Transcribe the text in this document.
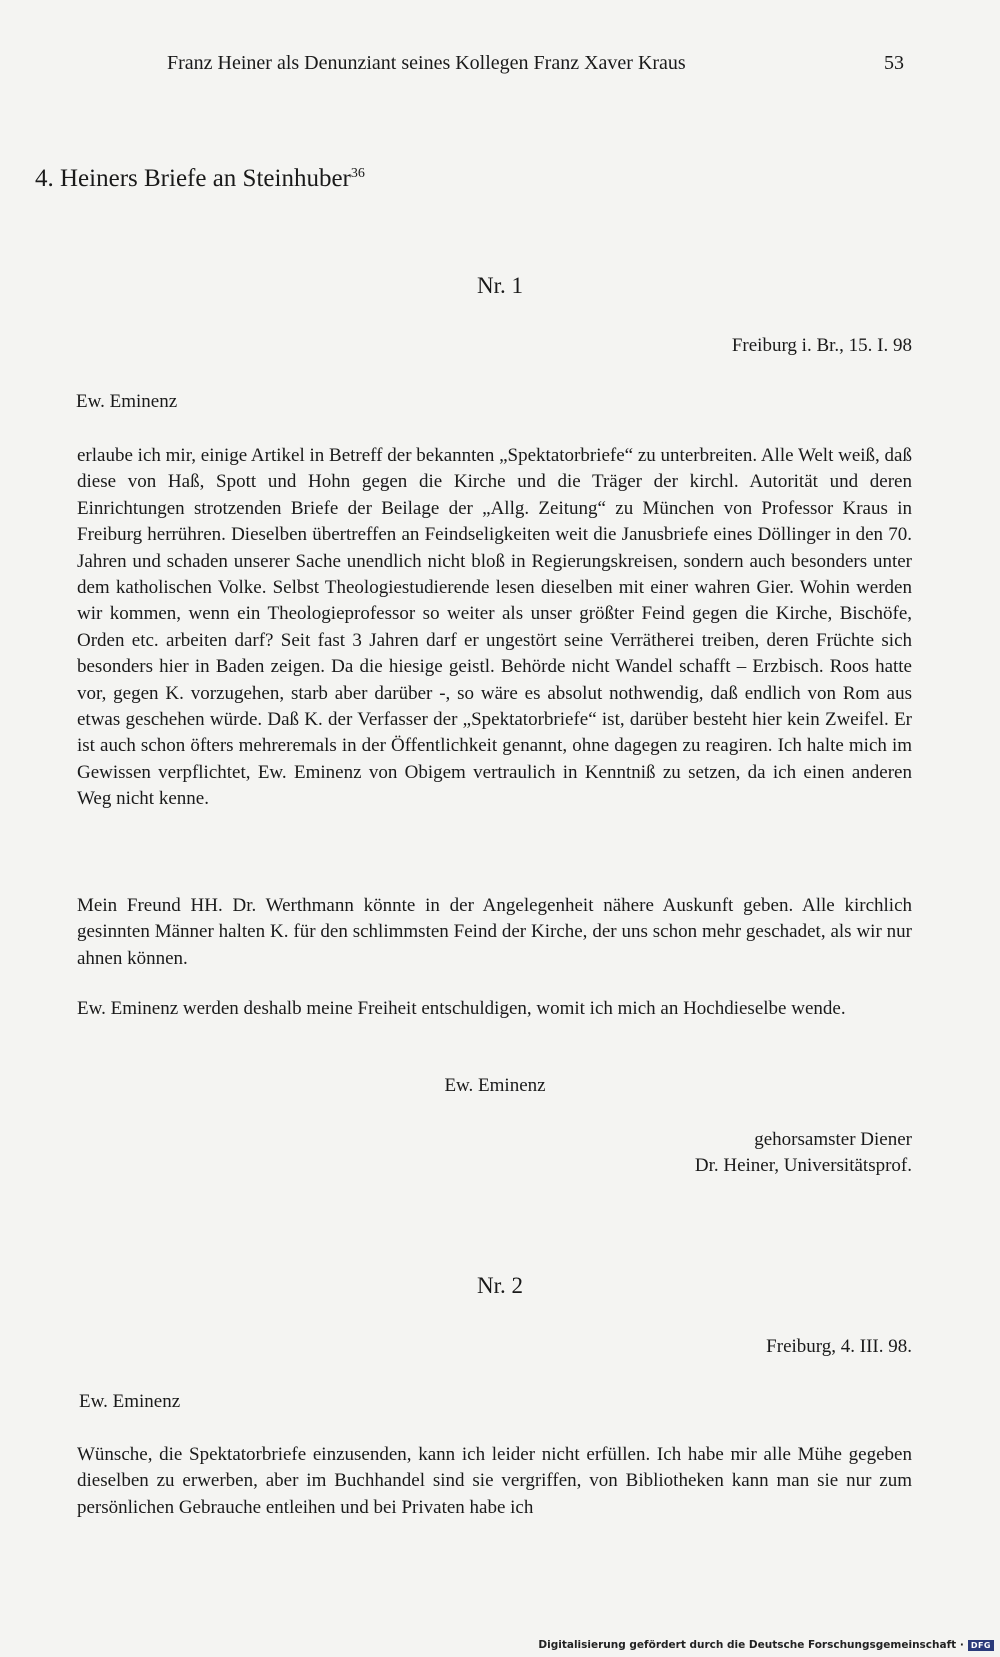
Franz Heiner als Denunziant seines Kollegen Franz Xaver Kraus	53
4. Heiners Briefe an Steinhuber$^{36}$
Nr. 1
Freiburg i. Br., 15. I. 98
Ew. Eminenz
erlaube ich mir, einige Artikel in Betreff der bekannten „Spektatorbriefe“ zu unterbreiten. Alle Welt weiß, daß diese von Haß, Spott und Hohn gegen die Kirche und die Träger der kirchl. Autorität und deren Einrichtungen strotzenden Briefe der Beilage der „Allg. Zeitung“ zu München von Professor Kraus in Freiburg herrühren. Dieselben übertreffen an Feindseligkeiten weit die Janusbriefe eines Döllinger in den 70. Jahren und schaden unserer Sache unendlich nicht bloß in Regierungskreisen, sondern auch besonders unter dem katholischen Volke. Selbst Theologiestudierende lesen dieselben mit einer wahren Gier. Wohin werden wir kommen, wenn ein Theologieprofessor so weiter als unser größter Feind gegen die Kirche, Bischöfe, Orden etc. arbeiten darf? Seit fast 3 Jahren darf er ungestört seine Verrätherei treiben, deren Früchte sich besonders hier in Baden zeigen. Da die hiesige geistl. Behörde nicht Wandel schafft – Erzbisch. Roos hatte vor, gegen K. vorzugehen, starb aber darüber -, so wäre es absolut nothwendig, daß endlich von Rom aus etwas geschehen würde. Daß K. der Verfasser der „Spektatorbriefe“ ist, darüber besteht hier kein Zweifel. Er ist auch schon öfters mehreremals in der Öffentlichkeit genannt, ohne dagegen zu reagiren. Ich halte mich im Gewissen verpflichtet, Ew. Eminenz von Obigem vertraulich in Kenntniß zu setzen, da ich einen anderen Weg nicht kenne.
Mein Freund HH. Dr. Werthmann könnte in der Angelegenheit nähere Auskunft geben. Alle kirchlich gesinnten Männer halten K. für den schlimmsten Feind der Kirche, der uns schon mehr geschadet, als wir nur ahnen können.
Ew. Eminenz werden deshalb meine Freiheit entschuldigen, womit ich mich an Hochdieselbe wende.
Ew. Eminenz
gehorsamster Diener
Dr. Heiner, Universitätsprof.
Nr. 2
Freiburg, 4. III. 98.
Ew. Eminenz
Wünsche, die Spektatorbriefe einzusenden, kann ich leider nicht erfüllen. Ich habe mir alle Mühe gegeben dieselben zu erwerben, aber im Buchhandel sind sie vergriffen, von Bibliotheken kann man sie nur zum persönlichen Gebrauche entleihen und bei Privaten habe ich
Digitalisierung gefördert durch die Deutsche Forschungsgemeinschaft · DFG
